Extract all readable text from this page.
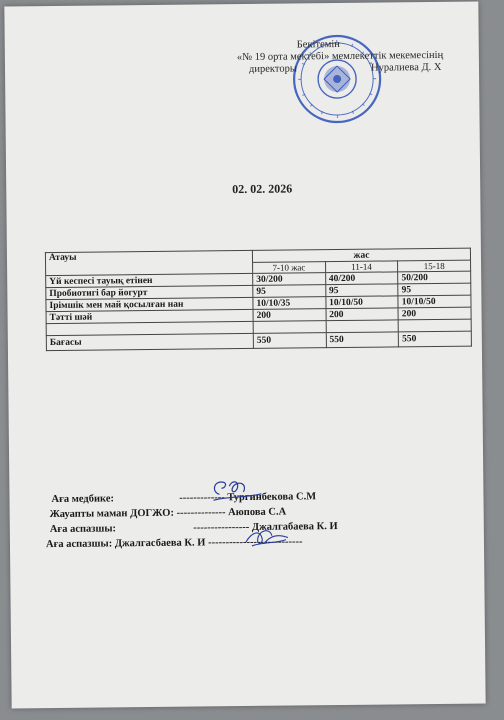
Бекітемін
«№ 19 орта мектебі» мемлекеттік мекемесінің
директоры	Нуралиева Д. Х
02. 02. 2026
Атауы	жас		
	7-10 жас	11-14	15-18
Үй кеспесі тауық етінен	30/200	40/200	50/200
Пробиотигі бар йогурт	95	95	95
Ірімшік мен май қосылған нан	10/10/35	10/10/50	10/10/50
Тәтті шәй	200	200	200

Бағасы	550	550	550
Аға медбике:	------------- Тургинбекова С.М
Жауапты маман ДОГЖО: -------------- Аюпова С.А
Аға аспазшы:	---------------- Джалгабаева К. И
Аға аспазшы: Джалгасбаева К. И ---------------------------
